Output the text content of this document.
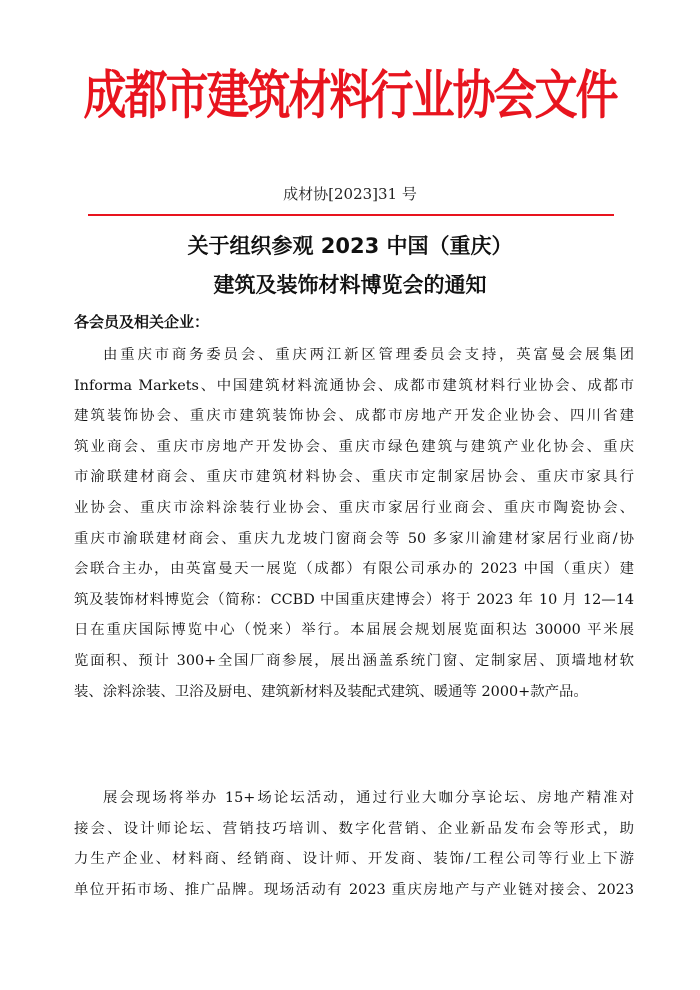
成都市建筑材料行业协会文件
成材协[2023]31 号
关于组织参观 2023 中国（重庆）
建筑及装饰材料博览会的通知
各会员及相关企业：
由重庆市商务委员会、重庆两江新区管理委员会支持，英富曼会展集团
Informa Markets、中国建筑材料流通协会、成都市建筑材料行业协会、成都市
建筑装饰协会、重庆市建筑装饰协会、成都市房地产开发企业协会、四川省建
筑业商会、重庆市房地产开发协会、重庆市绿色建筑与建筑产业化协会、重庆
市渝联建材商会、重庆市建筑材料协会、重庆市定制家居协会、重庆市家具行
业协会、重庆市涂料涂装行业协会、重庆市家居行业商会、重庆市陶瓷协会、
重庆市渝联建材商会、重庆九龙坡门窗商会等 50 多家川渝建材家居行业商/协
会联合主办，由英富曼天一展览（成都）有限公司承办的 2023 中国（重庆）建
筑及装饰材料博览会（简称：CCBD 中国重庆建博会）将于 2023 年 10 月 12—14
日在重庆国际博览中心（悦来）举行。本届展会规划展览面积达 30000 平米展
览面积、预计 300+全国厂商参展，展出涵盖系统门窗、定制家居、顶墙地材软
装、涂料涂装、卫浴及厨电、建筑新材料及装配式建筑、暖通等 2000+款产品。
展会现场将举办 15+场论坛活动，通过行业大咖分享论坛、房地产精准对
接会、设计师论坛、营销技巧培训、数字化营销、企业新品发布会等形式，助
力生产企业、材料商、经销商、设计师、开发商、装饰/工程公司等行业上下游
单位开拓市场、推广品牌。现场活动有 2023 重庆房地产与产业链对接会、2023
